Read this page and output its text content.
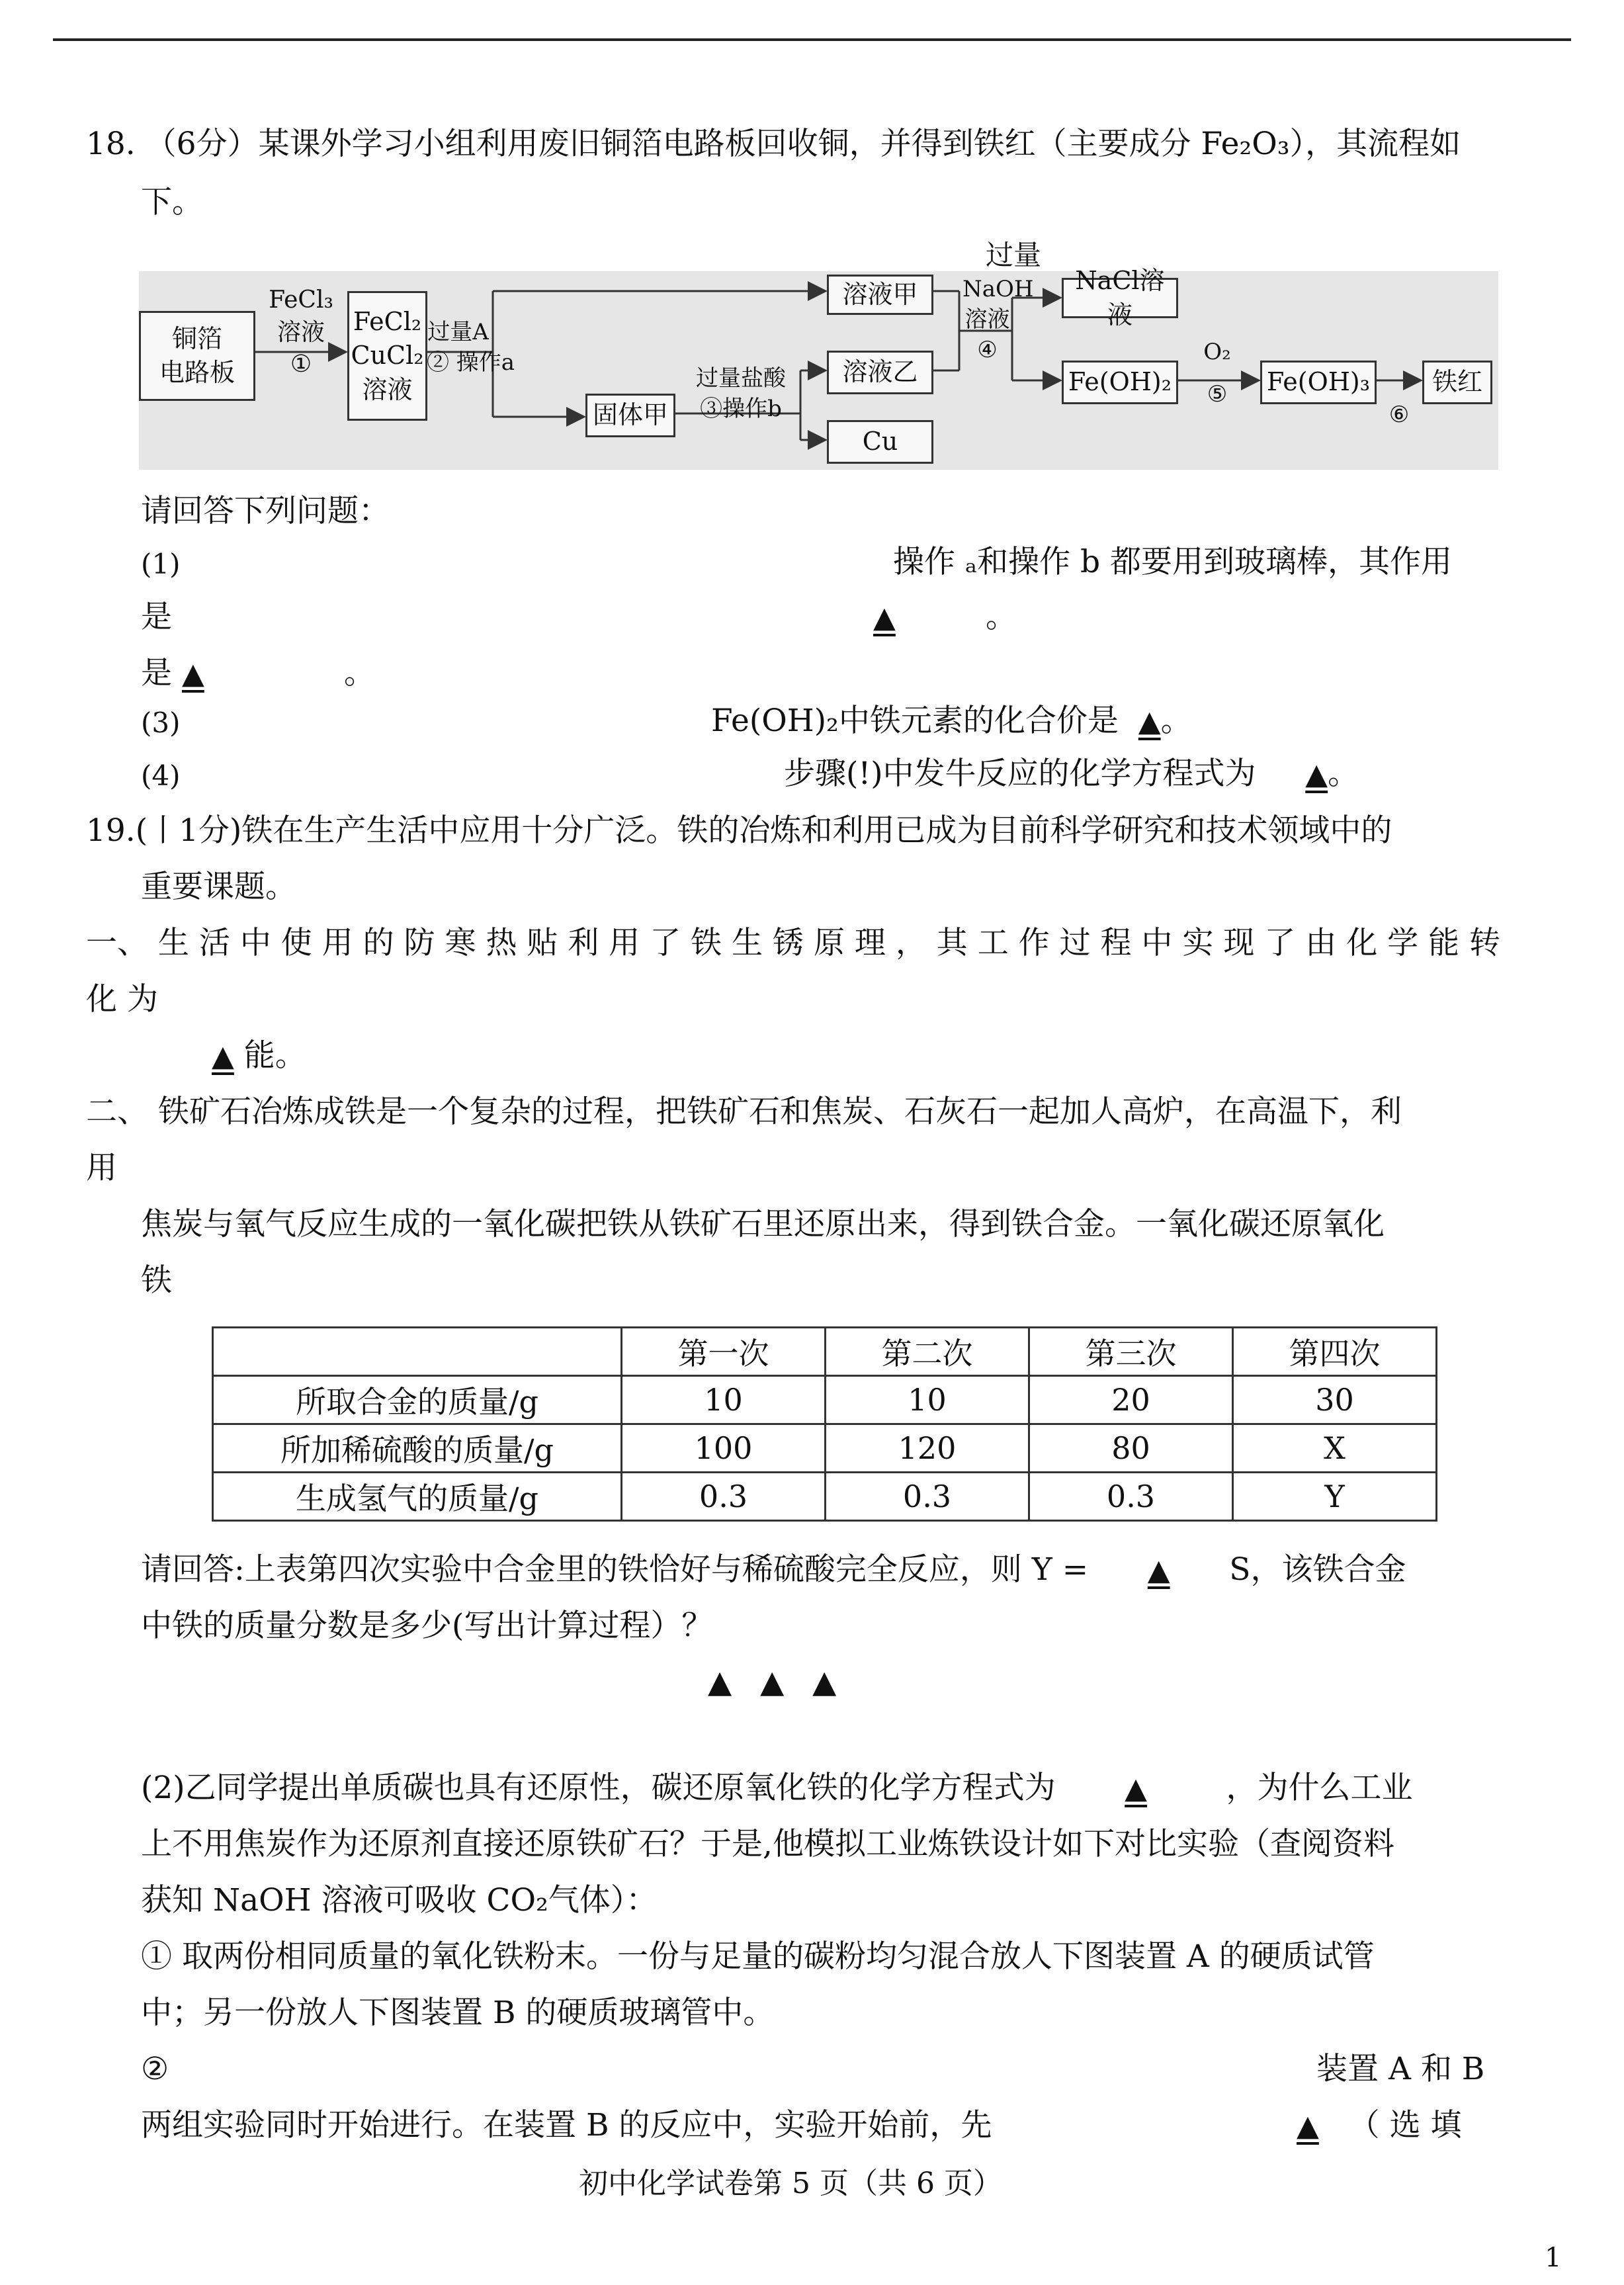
18. （6分）某课外学习小组利用废旧铜箔电路板回收铜，并得到铁红（主要成分 Fe₂O₃），其流程如
下。
过量
铜箔
电路板
FeCl₃
溶液
①
FeCl₂
CuCl₂
溶液
过量A
② 操作a
溶液甲
溶液乙
固体甲
过量盐酸
③操作b
Cu
NaOH
溶液
④
NaCl溶液
Fe(OH)₂
O₂
⑤	Fe(OH)₃
⑥
铁红
请回答下列问题：
(1)	操作 ₐ和操作 b 都要用到玻璃棒，其作用
是	▲	。
是 ▲	。
(3)	Fe(OH)₂中铁元素的化合价是 ▲。
(4)	步骤(!)中发牛反应的化学方程式为 ▲。
19.(丨1分)铁在生产生活中应用十分广泛。铁的冶炼和利用已成为目前科学研究和技术领域中的
重要课题。
一、 生 活 中 使 用 的 防 寒 热 贴 利 用 了 铁 生 锈 原 理 ， 其 工 作 过 程 中 实 现 了 由 化 学 能 转
化 为
▲ 能。
二、 铁矿石冶炼成铁是一个复杂的过程，把铁矿石和焦炭、石灰石一起加人高炉，在高温下，利
用
焦炭与氧气反应生成的一氧化碳把铁从铁矿石里还原出来，得到铁合金。一氧化碳还原氧化
铁
	第一次	第二次	第三次	第四次
所取合金的质量/g	10	10	20	30
所加稀硫酸的质量/g	100	120	80	X
生成氢气的质量/g	0.3	0.3	0.3	Y
请回答:上表第四次实验中合金里的铁恰好与稀硫酸完全反应，则 Y = ▲ S，该铁合金
中铁的质量分数是多少(写出计算过程）？
▲ ▲ ▲
(2)乙同学提出单质碳也具有还原性，碳还原氧化铁的化学方程式为 ▲	，为什么工业
上不用焦炭作为还原剂直接还原铁矿石？于是,他模拟工业炼铁设计如下对比实验（查阅资料
获知 NaOH 溶液可吸收 CO₂气体）：
① 取两份相同质量的氧化铁粉末。一份与足量的碳粉均匀混合放人下图装置 A 的硬质试管
中；另一份放人下图装置 B 的硬质玻璃管中。
②	装置 A 和 B
两组实验同时开始进行。在装置 B 的反应中，实验开始前，先	▲ （ 选 填
初中化学试卷第 5 页（共 6 页）
1
